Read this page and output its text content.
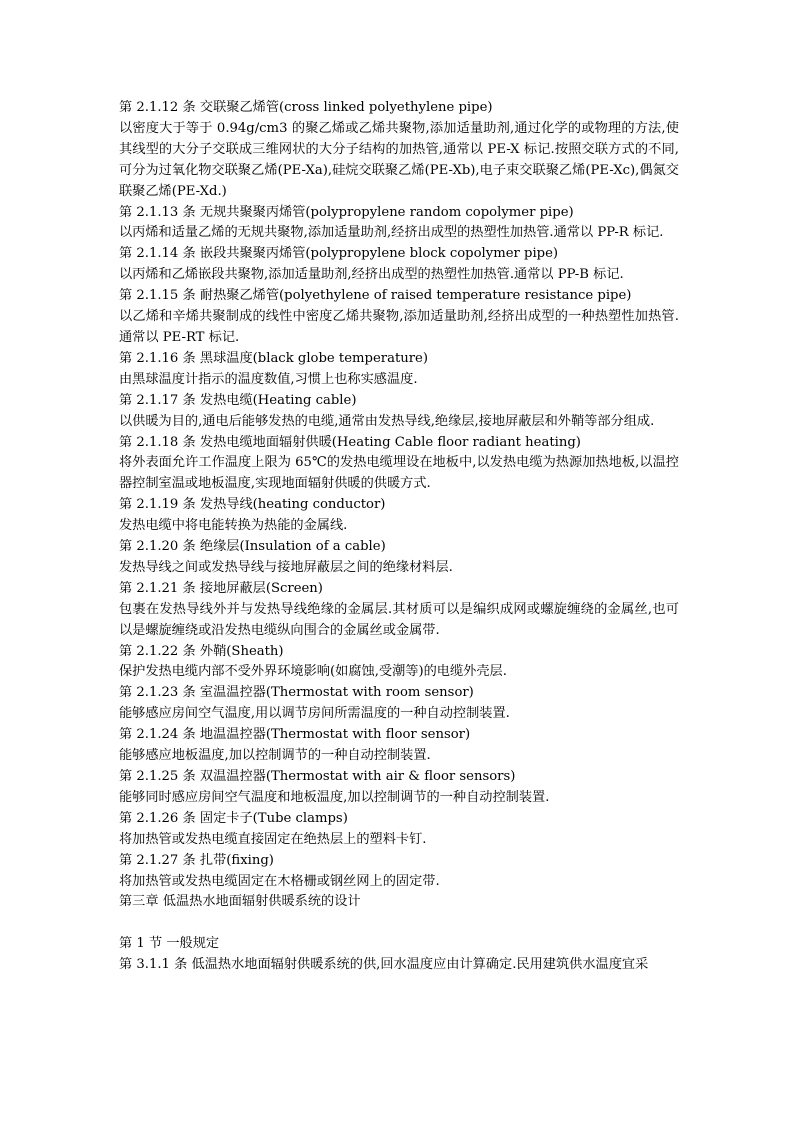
第 2.1.12 条 交联聚乙烯管(cross linked polyethylene pipe)

以密度大于等于 0.94g/cm3 的聚乙烯或乙烯共聚物,添加适量助剂,通过化学的或物理的方法,使其线型的大分子交联成三维网状的大分子结构的加热管,通常以 PE-X 标记.按照交联方式的不同,可分为过氧化物交联聚乙烯(PE-Xa),硅烷交联聚乙烯(PE-Xb),电子束交联聚乙烯(PE-Xc),偶氮交联聚乙烯(PE-Xd.)

第 2.1.13 条 无规共聚聚丙烯管(polypropylene random copolymer pipe)

以丙烯和适量乙烯的无规共聚物,添加适量助剂,经挤出成型的热塑性加热管.通常以 PP-R 标记.

第 2.1.14 条 嵌段共聚聚丙烯管(polypropylene block copolymer pipe)

以丙烯和乙烯嵌段共聚物,添加适量助剂,经挤出成型的热塑性加热管.通常以 PP-B 标记.

第 2.1.15 条 耐热聚乙烯管(polyethylene of raised temperature resistance pipe)

以乙烯和辛烯共聚制成的线性中密度乙烯共聚物,添加适量助剂,经挤出成型的一种热塑性加热管.通常以 PE-RT 标记.

第 2.1.16 条 黑球温度(black globe temperature)

由黑球温度计指示的温度数值,习惯上也称实感温度.

第 2.1.17 条 发热电缆(Heating cable)

以供暖为目的,通电后能够发热的电缆,通常由发热导线,绝缘层,接地屏蔽层和外鞘等部分组成.

第 2.1.18 条 发热电缆地面辐射供暖(Heating Cable floor radiant heating)

将外表面允许工作温度上限为 65℃的发热电缆埋设在地板中,以发热电缆为热源加热地板,以温控器控制室温或地板温度,实现地面辐射供暖的供暖方式.

第 2.1.19 条 发热导线(heating conductor)

发热电缆中将电能转换为热能的金属线.

第 2.1.20 条 绝缘层(Insulation of a cable)

发热导线之间或发热导线与接地屏蔽层之间的绝缘材料层.

第 2.1.21 条 接地屏蔽层(Screen)

包裹在发热导线外并与发热导线绝缘的金属层.其材质可以是编织成网或螺旋缠绕的金属丝,也可以是螺旋缠绕或沿发热电缆纵向围合的金属丝或金属带.

第 2.1.22 条 外鞘(Sheath)

保护发热电缆内部不受外界环境影响(如腐蚀,受潮等)的电缆外壳层.

第 2.1.23 条 室温温控器(Thermostat with room sensor)

能够感应房间空气温度,用以调节房间所需温度的一种自动控制装置.

第 2.1.24 条 地温温控器(Thermostat with floor sensor)

能够感应地板温度,加以控制调节的一种自动控制装置.

第 2.1.25 条 双温温控器(Thermostat with air & floor sensors)

能够同时感应房间空气温度和地板温度,加以控制调节的一种自动控制装置.

第 2.1.26 条 固定卡子(Tube clamps)

将加热管或发热电缆直接固定在绝热层上的塑料卡钉.

第 2.1.27 条 扎带(fixing)

将加热管或发热电缆固定在木格栅或钢丝网上的固定带.

第三章 低温热水地面辐射供暖系统的设计

第 1 节 一般规定

第 3.1.1 条 低温热水地面辐射供暖系统的供,回水温度应由计算确定.民用建筑供水温度宜采
